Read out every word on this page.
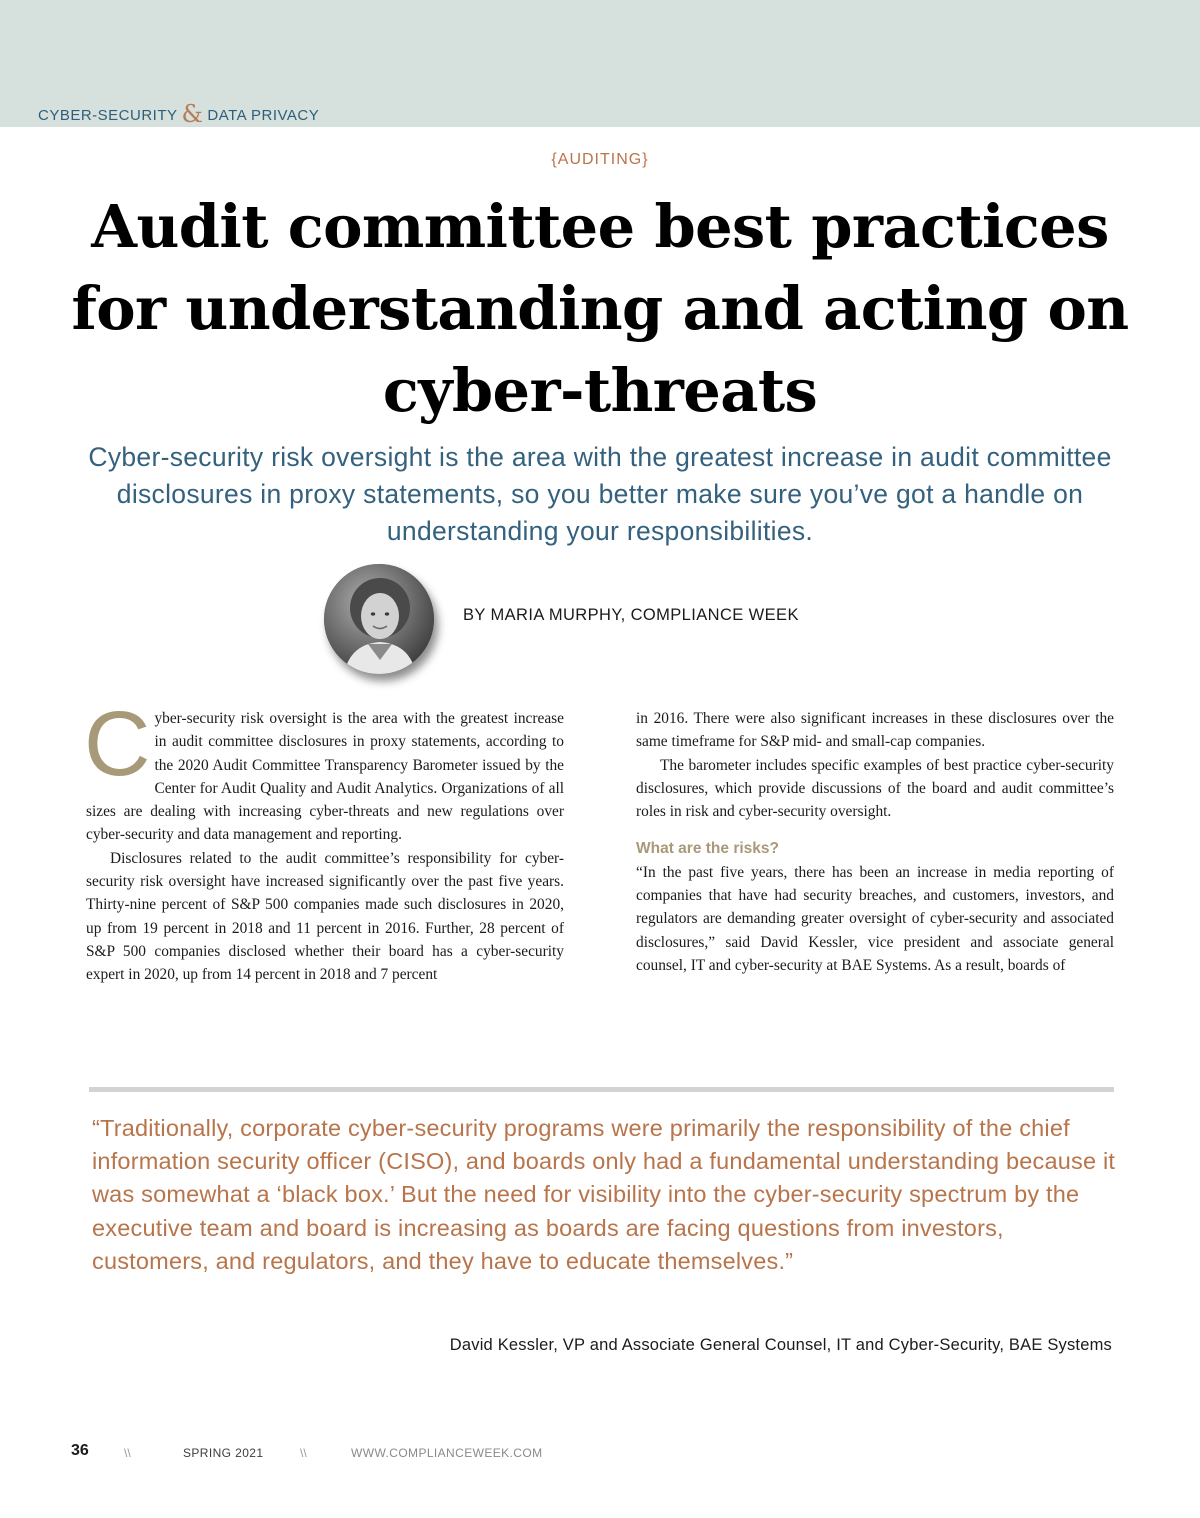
CYBER-SECURITY & DATA PRIVACY
{AUDITING}
Audit committee best practices for understanding and acting on cyber-threats

Cyber-security risk oversight is the area with the greatest increase in audit committee disclosures in proxy statements, so you better make sure you’ve got a handle on understanding your responsibilities.

BY MARIA MURPHY, COMPLIANCE WEEK

Cyber-security risk oversight is the area with the greatest increase in audit committee disclosures in proxy statements, according to the 2020 Audit Committee Transparency Barometer issued by the Center for Audit Quality and Audit Analytics. Organizations of all sizes are dealing with increasing cyber-threats and new regulations over cyber-security and data management and reporting.

Disclosures related to the audit committee’s responsibility for cyber-security risk oversight have increased significantly over the past five years. Thirty-nine percent of S&P 500 companies made such disclosures in 2020, up from 19 percent in 2018 and 11 percent in 2016. Further, 28 percent of S&P 500 companies disclosed whether their board has a cyber-security expert in 2020, up from 14 percent in 2018 and 7 percent

in 2016. There were also significant increases in these disclosures over the same timeframe for S&P mid- and small-cap companies.

The barometer includes specific examples of best practice cyber-security disclosures, which provide discussions of the board and audit committee’s roles in risk and cyber-security oversight.

What are the risks?

“In the past five years, there has been an increase in media reporting of companies that have had security breaches, and customers, investors, and regulators are demanding greater oversight of cyber-security and associated disclosures,” said David Kessler, vice president and associate general counsel, IT and cyber-security at BAE Systems. As a result, boards of

“Traditionally, corporate cyber-security programs were primarily the responsibility of the chief information security officer (CISO), and boards only had a fundamental understanding because it was somewhat a ‘black box.’ But the need for visibility into the cyber-security spectrum by the executive team and board is increasing as boards are facing questions from investors, customers, and regulators, and they have to educate themselves.”

David Kessler, VP and Associate General Counsel, IT and Cyber-Security, BAE Systems
36	\\	SPRING 2021	\\	WWW.COMPLIANCEWEEK.COM
